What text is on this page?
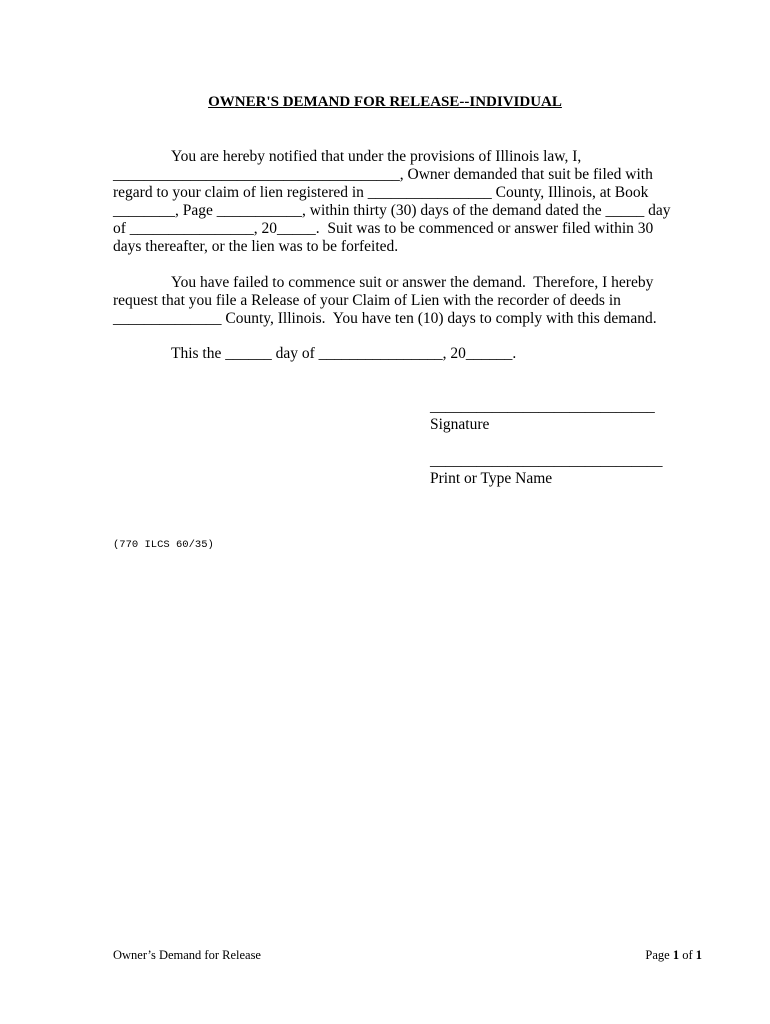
OWNER'S DEMAND FOR RELEASE--INDIVIDUAL
You are hereby notified that under the provisions of Illinois law, I,
_____________________________________, Owner demanded that suit be filed with
regard to your claim of lien registered in ________________ County, Illinois, at Book
________, Page ___________, within thirty (30) days of the demand dated the _____ day
of ________________, 20_____.  Suit was to be commenced or answer filed within 30
days thereafter, or the lien was to be forfeited.
You have failed to commence suit or answer the demand.  Therefore, I hereby
request that you file a Release of your Claim of Lien with the recorder of deeds in
______________ County, Illinois.  You have ten (10) days to comply with this demand.
This the ______ day of ________________, 20______.
_____________________________
Signature
______________________________
Print or Type Name
(770 ILCS 60/35)
Owner’s Demand for Release	Page 1 of 1
